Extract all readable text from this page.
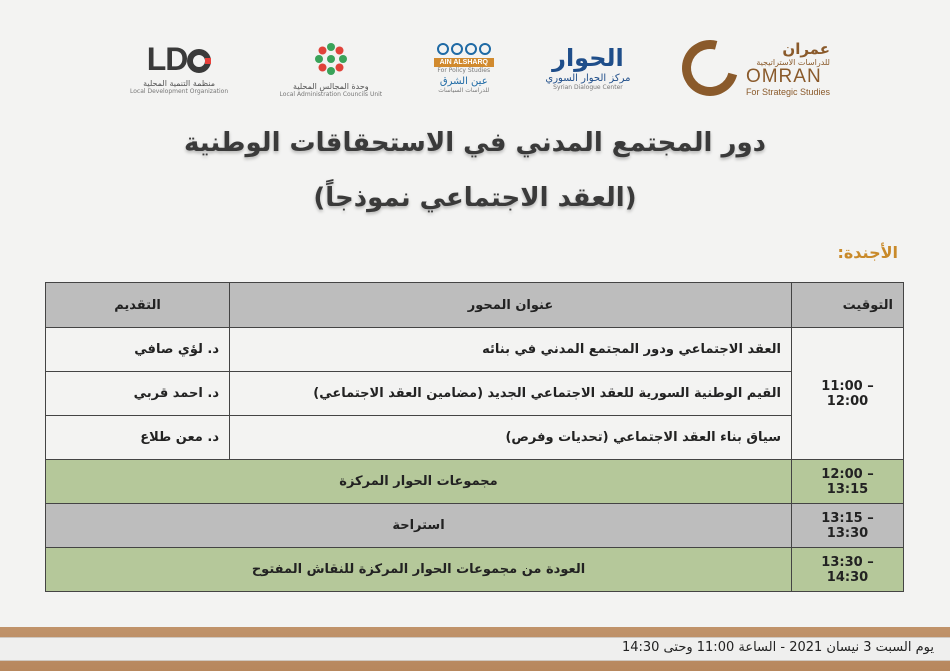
LD
منظمة التنمية المحلية
Local Development Organization
وحدة المجالس المحلية
Local Administration Councils Unit
AIN ALSHARQ
For Policy Studies
عين الشرق
للدراسات السياسات
الحوار
مركز الحوار السوري
Syrian Dialogue Center
عمران
للدراسات الاستراتيجية
OMRAN
For Strategic Studies
دور المجتمع المدني في الاستحقاقات الوطنية
(العقد الاجتماعي نموذجاً)
الأجندة:
التوقيت	عنوان المحور	التقديم
11:00 – 12:00	العقد الاجتماعي ودور المجتمع المدني في بنائه	د. لؤي صافي
	القيم الوطنية السورية للعقد الاجتماعي الجديد (مضامين العقد الاجتماعي)	د. احمد قربي
	سياق بناء العقد الاجتماعي (تحديات وفرص)	د. معن طلاع
12:00 – 13:15	مجموعات الحوار المركزة	
13:15 – 13:30	استراحة	
13:30 – 14:30	العودة من مجموعات الحوار المركزة للنقاش المفتوح	
يوم السبت 3 نيسان 2021 - الساعة 11:00 وحتى 14:30
